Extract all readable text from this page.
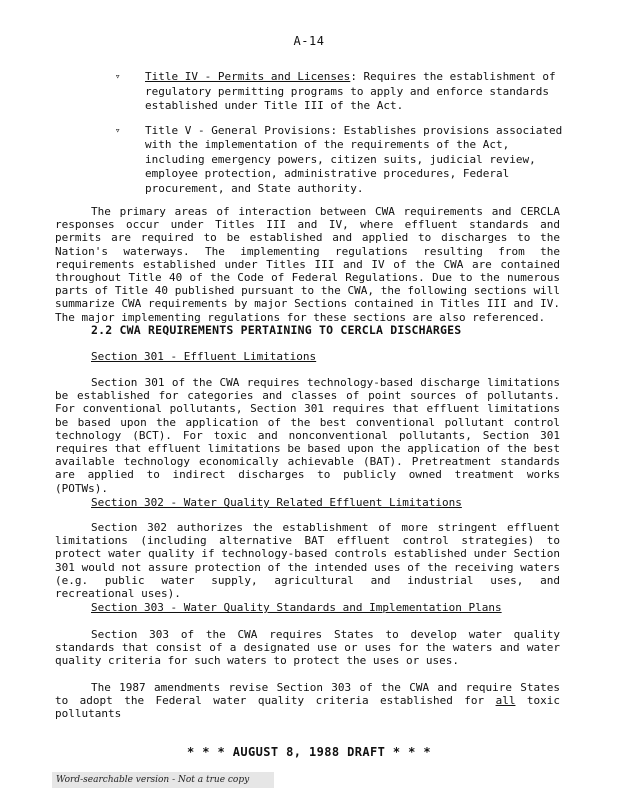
A-14
▿ Title IV - Permits and Licenses: Requires the establishment of regulatory permitting programs to apply and enforce standards established under Title III of the Act.
▿ Title V - General Provisions: Establishes provisions associated with the implementation of the requirements of the Act, including emergency powers, citizen suits, judicial review, employee protection, administrative procedures, Federal procurement, and State authority.
The primary areas of interaction between CWA requirements and CERCLA responses occur under Titles III and IV, where effluent standards and permits are required to be established and applied to discharges to the Nation's waterways. The implementing regulations resulting from the requirements established under Titles III and IV of the CWA are contained throughout Title 40 of the Code of Federal Regulations. Due to the numerous parts of Title 40 published pursuant to the CWA, the following sections will summarize CWA requirements by major Sections contained in Titles III and IV. The major implementing regulations for these sections are also referenced.
2.2 CWA REQUIREMENTS PERTAINING TO CERCLA DISCHARGES
Section 301 - Effluent Limitations
Section 301 of the CWA requires technology-based discharge limitations be established for categories and classes of point sources of pollutants. For conventional pollutants, Section 301 requires that effluent limitations be based upon the application of the best conventional pollutant control technology (BCT). For toxic and nonconventional pollutants, Section 301 requires that effluent limitations be based upon the application of the best available technology economically achievable (BAT). Pretreatment standards are applied to indirect discharges to publicly owned treatment works (POTWs).
Section 302 - Water Quality Related Effluent Limitations
Section 302 authorizes the establishment of more stringent effluent limitations (including alternative BAT effluent control strategies) to protect water quality if technology-based controls established under Section 301 would not assure protection of the intended uses of the receiving waters (e.g. public water supply, agricultural and industrial uses, and recreational uses).
Section 303 - Water Quality Standards and Implementation Plans
Section 303 of the CWA requires States to develop water quality standards that consist of a designated use or uses for the waters and water quality criteria for such waters to protect the uses or uses.
The 1987 amendments revise Section 303 of the CWA and require States to adopt the Federal water quality criteria established for all toxic pollutants
* * * AUGUST 8, 1988 DRAFT * * *
Word-searchable version - Not a true copy
